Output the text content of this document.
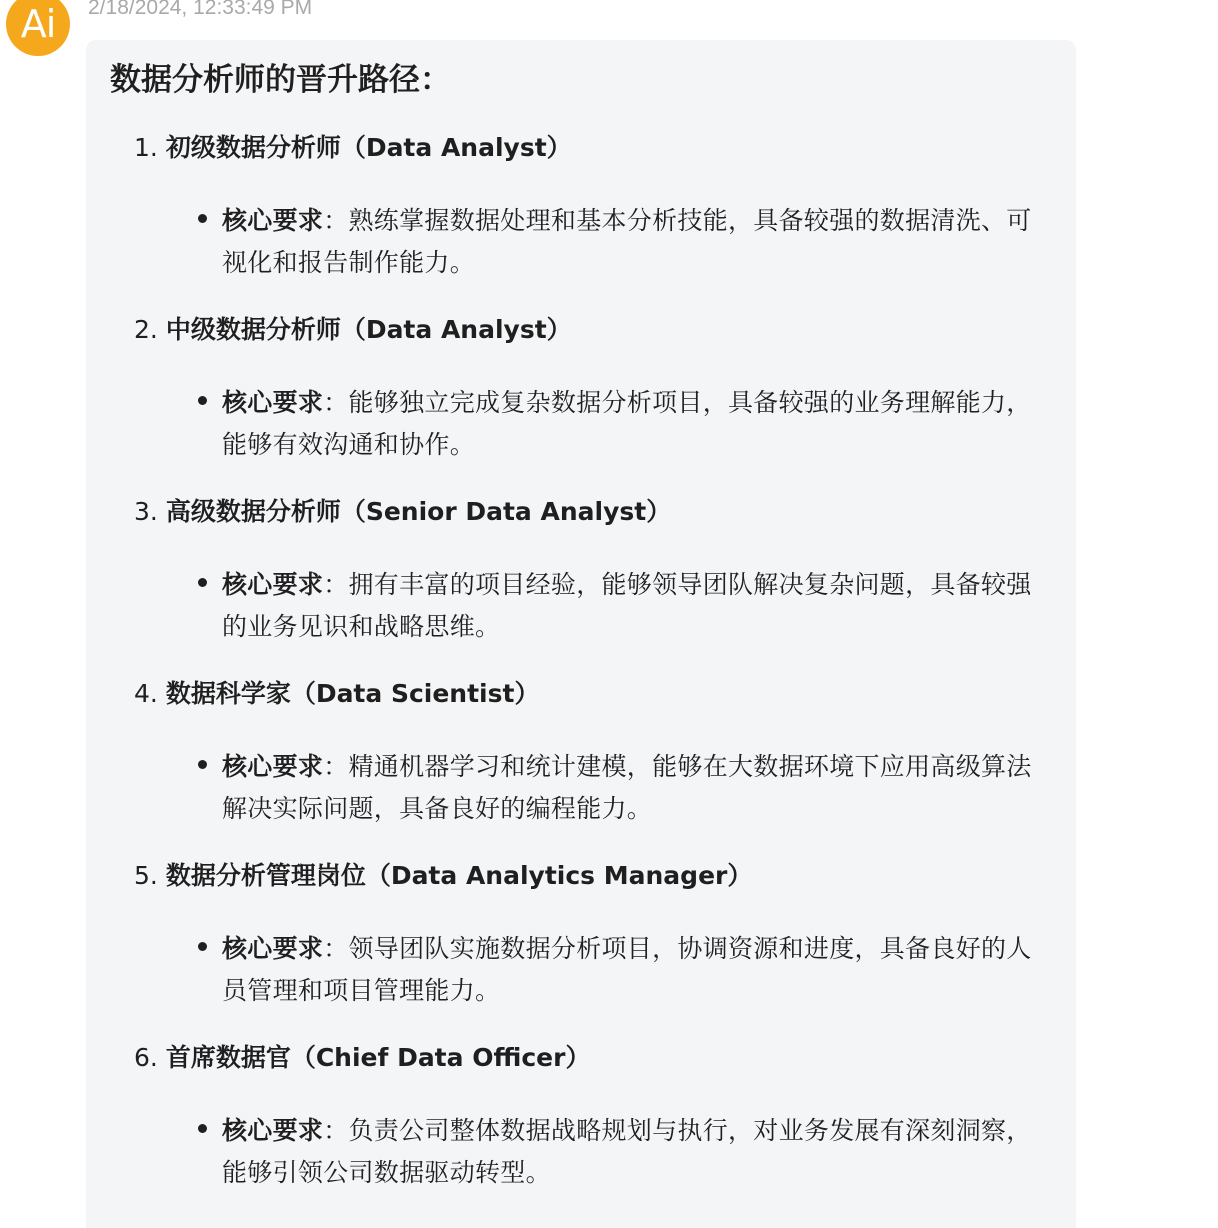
Ai 2/18/2024, 12:33:49 PM
数据分析师的晋升路径：
1. 初级数据分析师（Data Analyst）
核心要求：熟练掌握数据处理和基本分析技能，具备较强的数据清洗、可视化和报告制作能力。
2. 中级数据分析师（Data Analyst）
核心要求：能够独立完成复杂数据分析项目，具备较强的业务理解能力，能够有效沟通和协作。
3. 高级数据分析师（Senior Data Analyst）
核心要求：拥有丰富的项目经验，能够领导团队解决复杂问题，具备较强的业务见识和战略思维。
4. 数据科学家（Data Scientist）
核心要求：精通机器学习和统计建模，能够在大数据环境下应用高级算法解决实际问题，具备良好的编程能力。
5. 数据分析管理岗位（Data Analytics Manager）
核心要求：领导团队实施数据分析项目，协调资源和进度，具备良好的人员管理和项目管理能力。
6. 首席数据官（Chief Data Officer）
核心要求：负责公司整体数据战略规划与执行，对业务发展有深刻洞察，能够引领公司数据驱动转型。
